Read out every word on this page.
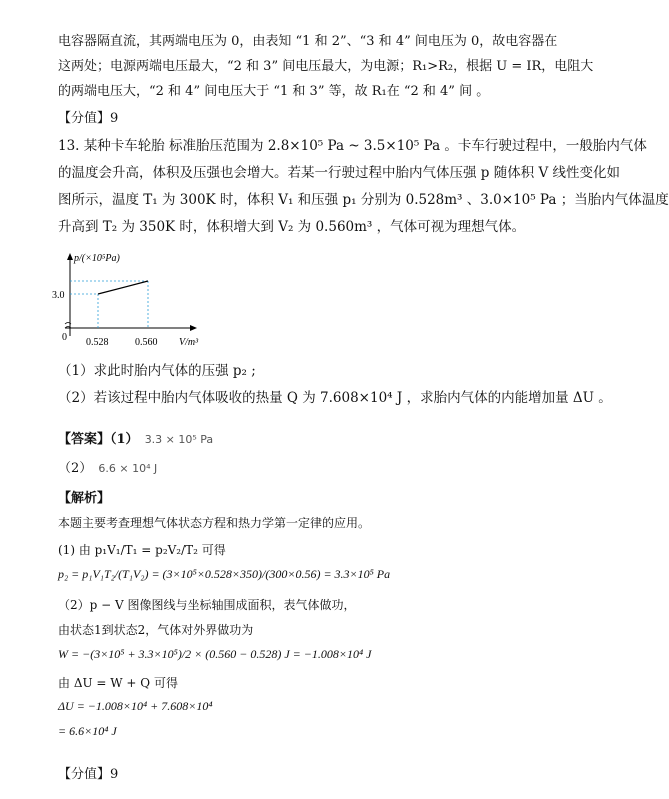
电容器隔直流，其两端电压为 0，由表知 “1 和 2”、“3 和 4” 间电压为 0，故电容器在
这两处；电源两端电压最大，“2 和 3” 间电压最大，为电源；R₁>R₂，根据 U = IR，电阻大
的两端电压大，“2 和 4” 间电压大于 “1 和 3” 等，故 R₁在 “2 和 4” 间 。
【分值】9
13. 某种卡车轮胎 标准胎压范围为 2.8×10⁵ Pa ~ 3.5×10⁵ Pa 。卡车行驶过程中，一般胎内气体
的温度会升高，体积及压强也会增大。若某一行驶过程中胎内气体压强 p 随体积 V 线性变化如
图所示，温度 T₁ 为 300K 时，体积 V₁ 和压强 p₁ 分别为 0.528m³ 、3.0×10⁵ Pa ；当胎内气体温度
升高到 T₂ 为 350K 时，体积增大到 V₂ 为 0.560m³ ，气体可视为理想气体。
p/(×10⁵Pa)
3.0
0 0.528	0.560 V/m³
（1）求此时胎内气体的压强 p₂ ;
（2）若该过程中胎内气体吸收的热量 Q 为 7.608×10⁴ J ，求胎内气体的内能增加量 ΔU 。
【答案】（1） 3.3 × 10⁵ Pa
（2） 6.6 × 10⁴ J
【解析】
本题主要考查理想气体状态方程和热力学第一定律的应用。
(1) 由 p₁V₁/T₁ = p₂V₂/T₂ 可得
p₂ = p₁V₁T₂/(T₁V₂) = (3×10⁵×0.528×350)/(300×0.56) = 3.3×10⁵ Pa
（2）p − V 图像图线与坐标轴围成面积，表气体做功，
由状态1到状态2，气体对外界做功为
W = −(3×10⁵ + 3.3×10⁵)/2 × (0.560 − 0.528) J = −1.008×10⁴ J
由 ΔU = W + Q 可得
ΔU = −1.008×10⁴ + 7.608×10⁴
= 6.6×10⁴ J
【分值】9
